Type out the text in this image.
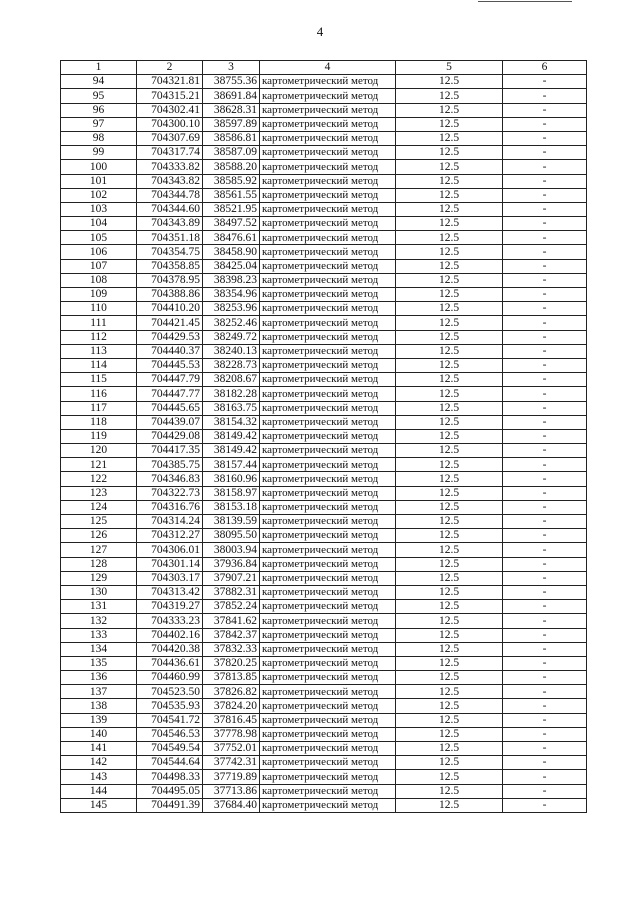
4
1	2	3	4	5	6
94	704321.81	38755.36	картометрический метод	12.5	-
95	704315.21	38691.84	картометрический метод	12.5	-
96	704302.41	38628.31	картометрический метод	12.5	-
97	704300.10	38597.89	картометрический метод	12.5	-
98	704307.69	38586.81	картометрический метод	12.5	-
99	704317.74	38587.09	картометрический метод	12.5	-
100	704333.82	38588.20	картометрический метод	12.5	-
101	704343.82	38585.92	картометрический метод	12.5	-
102	704344.78	38561.55	картометрический метод	12.5	-
103	704344.60	38521.95	картометрический метод	12.5	-
104	704343.89	38497.52	картометрический метод	12.5	-
105	704351.18	38476.61	картометрический метод	12.5	-
106	704354.75	38458.90	картометрический метод	12.5	-
107	704358.85	38425.04	картометрический метод	12.5	-
108	704378.95	38398.23	картометрический метод	12.5	-
109	704388.86	38354.96	картометрический метод	12.5	-
110	704410.20	38253.96	картометрический метод	12.5	-
111	704421.45	38252.46	картометрический метод	12.5	-
112	704429.53	38249.72	картометрический метод	12.5	-
113	704440.37	38240.13	картометрический метод	12.5	-
114	704445.53	38228.73	картометрический метод	12.5	-
115	704447.79	38208.67	картометрический метод	12.5	-
116	704447.77	38182.28	картометрический метод	12.5	-
117	704445.65	38163.75	картометрический метод	12.5	-
118	704439.07	38154.32	картометрический метод	12.5	-
119	704429.08	38149.42	картометрический метод	12.5	-
120	704417.35	38149.42	картометрический метод	12.5	-
121	704385.75	38157.44	картометрический метод	12.5	-
122	704346.83	38160.96	картометрический метод	12.5	-
123	704322.73	38158.97	картометрический метод	12.5	-
124	704316.76	38153.18	картометрический метод	12.5	-
125	704314.24	38139.59	картометрический метод	12.5	-
126	704312.27	38095.50	картометрический метод	12.5	-
127	704306.01	38003.94	картометрический метод	12.5	-
128	704301.14	37936.84	картометрический метод	12.5	-
129	704303.17	37907.21	картометрический метод	12.5	-
130	704313.42	37882.31	картометрический метод	12.5	-
131	704319.27	37852.24	картометрический метод	12.5	-
132	704333.23	37841.62	картометрический метод	12.5	-
133	704402.16	37842.37	картометрический метод	12.5	-
134	704420.38	37832.33	картометрический метод	12.5	-
135	704436.61	37820.25	картометрический метод	12.5	-
136	704460.99	37813.85	картометрический метод	12.5	-
137	704523.50	37826.82	картометрический метод	12.5	-
138	704535.93	37824.20	картометрический метод	12.5	-
139	704541.72	37816.45	картометрический метод	12.5	-
140	704546.53	37778.98	картометрический метод	12.5	-
141	704549.54	37752.01	картометрический метод	12.5	-
142	704544.64	37742.31	картометрический метод	12.5	-
143	704498.33	37719.89	картометрический метод	12.5	-
144	704495.05	37713.86	картометрический метод	12.5	-
145	704491.39	37684.40	картометрический метод	12.5	-
